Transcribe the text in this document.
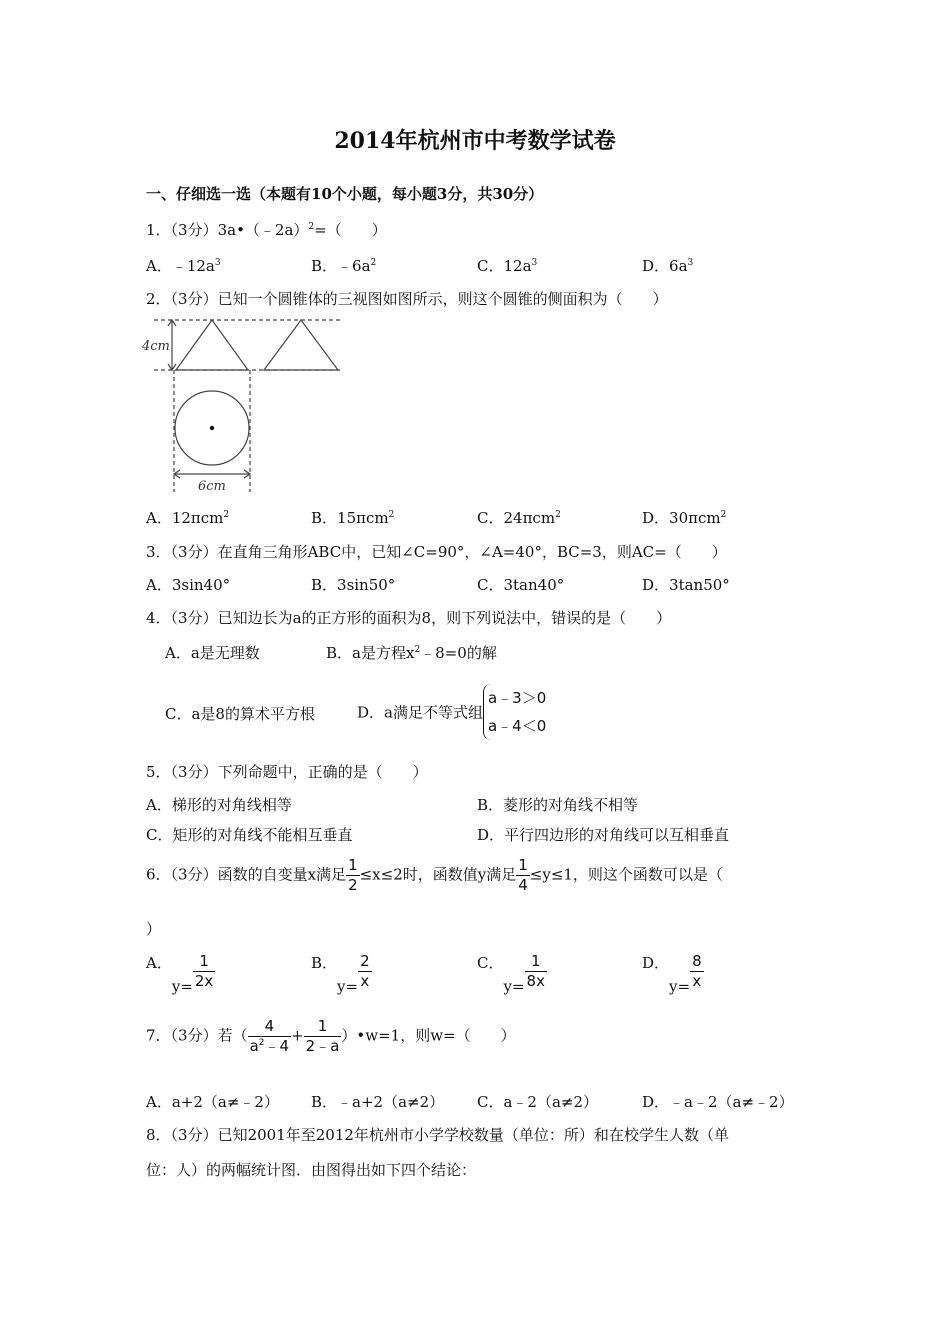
2014年杭州市中考数学试卷
一、仔细选一选（本题有10个小题，每小题3分，共30分）
1．（3分）3a•（﹣2a）$^2$=（　　）
A．$﹣12a^3$	B．$﹣6a^2$	C．$12a^3$	D．$6a^3$
2．（3分）已知一个圆锥体的三视图如图所示，则这个圆锥的侧面积为（　　）
4cm
6cm
A．12πcm$^2$	B．15πcm$^2$	C．24πcm$^2$	D．30πcm$^2$
3．（3分）在直角三角形ABC中，已知∠C=90°，∠A=40°，BC=3，则AC=（　　）
A．3sin40°	B．3sin50°	C．3tan40°	D．3tan50°
4．（3分）已知边长为a的正方形的面积为8，则下列说法中，错误的是（　　）
A．a是无理数	B．a是方程$x^2﹣8=0$的解
C．a是8的算术平方根	D．a满足不等式组
a﹣3＞0
a﹣4＜0
5．（3分）下列命题中，正确的是（　　）
A．梯形的对角线相等	B．菱形的对角线不相等
C．矩形的对角线不能相互垂直	D．平行四边形的对角线可以互相垂直
6．（3分）函数的自变量x满足 $\frac{1}{2} \le x\le 2$时，函数值y满足 $\frac{1}{4} \le y\le 1$，则这个函数可以是（
）
A．$y= \frac{1}{2x}$	B．$y= \frac{2}{x}$	C．$y= \frac{1}{8x}$	D．$y= \frac{8}{x}$
7．（3分）若（ $\frac{4}{a^2﹣4} + \frac{1}{2﹣a}$ ）•w=1，则w=（　　）
A．a+2（a≠﹣2） B．﹣a+2（a≠2） C．a﹣2（a≠2）	D．﹣a﹣2（a≠﹣2）
8．（3分）已知2001年至2012年杭州市小学学校数量（单位：所）和在校学生人数（单
位：人）的两幅统计图．由图得出如下四个结论：
